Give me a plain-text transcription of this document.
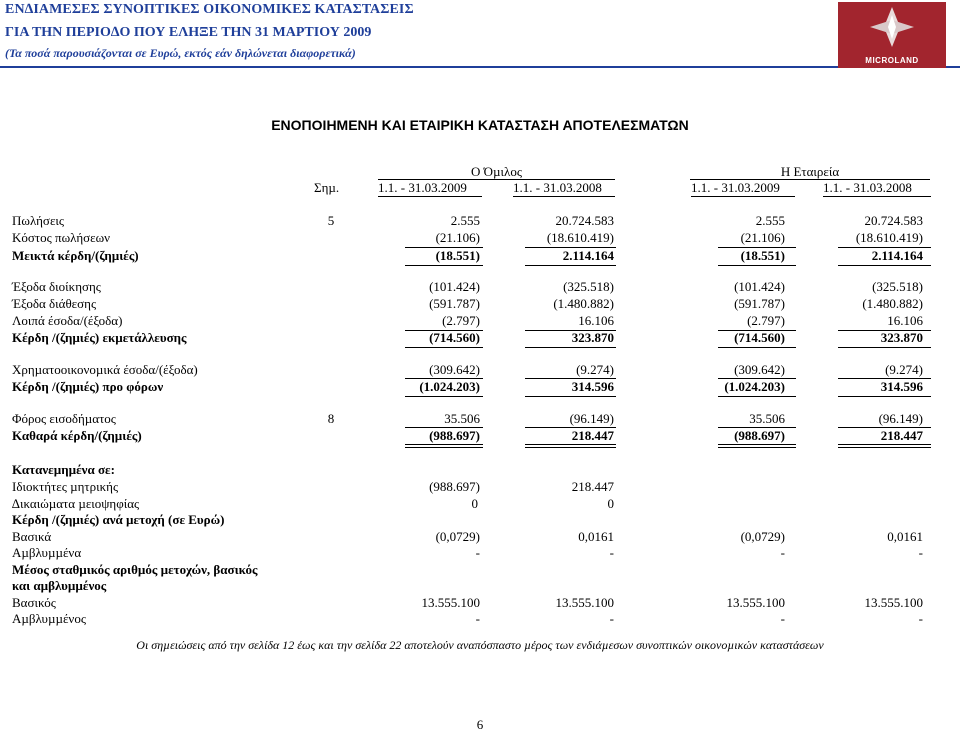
ΕΝ∆ΙΑΜΕΣΕΣ ΣΥΝΟΠΤΙΚΕΣ ΟΙΚΟΝΟΜΙΚΕΣ ΚΑΤΑΣΤΑΣΕΙΣ
ΓΙΑ ΤΗΝ ΠΕΡΙΟ∆Ο ΠΟΥ ΕΛΗΞΕ ΤΗΝ 31 ΜΑΡΤΙΟΥ 2009
(Τα ποσά παρουσιάζονται σε Ευρώ, εκτός εάν δηλώνεται διαφορετικά)
MICROLAND
ΕΝΟΠΟΙΗΜΕΝΗ ΚΑΙ ΕΤΑΙΡΙΚΗ ΚΑΤΑΣΤΑΣΗ ΑΠΟΤΕΛΕΣΜΑΤΩΝ
Ο Όµιλος	Η Εταιρεία
Σηµ.	1.1. - 31.03.2009	1.1. - 31.03.2008	1.1. - 31.03.2009	1.1. - 31.03.2008
Πωλήσεις	5	2.555	20.724.583	2.555	20.724.583
Κόστος πωλήσεων	(21.106)	(18.610.419)	(21.106)	(18.610.419)
Μεικτά κέρδη/(ζηµιές)	(18.551)	2.114.164	(18.551)	2.114.164
Έξοδα διοίκησης	(101.424)	(325.518)	(101.424)	(325.518)
Έξοδα διάθεσης	(591.787)	(1.480.882)	(591.787)	(1.480.882)
Λοιπά έσοδα/(έξοδα)	(2.797)	16.106	(2.797)	16.106
Κέρδη /(ζηµιές) εκµετάλλευσης	(714.560)	323.870	(714.560)	323.870
Χρηµατοοικονοµικά έσοδα/(έξοδα)	(309.642)	(9.274)	(309.642)	(9.274)
Κέρδη /(ζηµιές) προ φόρων	(1.024.203)	314.596	(1.024.203)	314.596
Φόρος εισοδήµατος	8	35.506	(96.149)	35.506	(96.149)
Καθαρά κέρδη/(ζηµιές)	(988.697)	218.447	(988.697)	218.447
Κατανεµηµένα σε:
Ιδιοκτήτες µητρικής	(988.697)	218.447
∆ικαιώµατα µειοψηφίας	0	0
Κέρδη /(ζηµιές) ανά µετοχή (σε Ευρώ)
Βασικά	(0,0729)	0,0161	(0,0729)	0,0161
Αµβλυµµένα	-	-	-	-
Μέσος σταθµικός αριθµός µετοχών, βασικός
και αµβλυµµένος
Βασικός	13.555.100	13.555.100	13.555.100	13.555.100
Αµβλυµµένος	-	-	-	-
Οι σηµειώσεις από την σελίδα 12 έως και την σελίδα 22 αποτελούν αναπόσπαστο µέρος των ενδιάµεσων συνοπτικών οικονοµικών καταστάσεων
6
